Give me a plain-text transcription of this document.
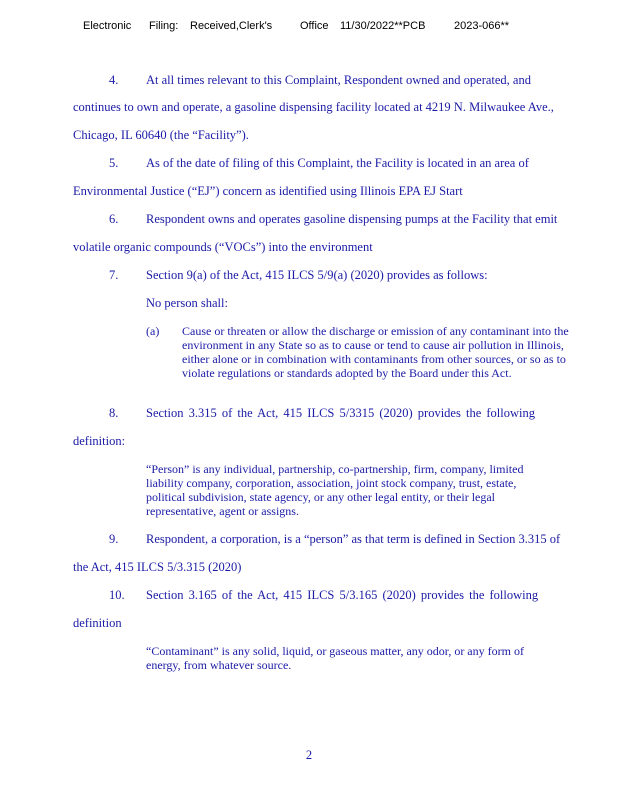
Electronic Filing: Received,Clerk's	Office 11/30/2022**PCB	2023-066**
4. At all times relevant to this Complaint, Respondent owned and operated, and
continues to own and operate, a gasoline dispensing facility located at 4219 N. Milwaukee Ave.,
Chicago, IL 60640 (the “Facility”).
5. As of the date of filing of this Complaint, the Facility is located in an area of
Environmental Justice (“EJ”) concern as identified using Illinois EPA EJ Start
6. Respondent owns and operates gasoline dispensing pumps at the Facility that emit
volatile organic compounds (“VOCs”) into the environment
7. Section 9(a) of the Act, 415 ILCS 5/9(a) (2020) provides as follows:
No person shall:
(a) Cause or threaten or allow the discharge or emission of any contaminant into the environment in any State so as to cause or tend to cause air pollution in Illinois, either alone or in combination with contaminants from other sources, or so as to violate regulations or standards adopted by the Board under this Act.
8. Section 3.315 of the Act, 415 ILCS 5/3315 (2020) provides the following
definition:
“Person” is any individual, partnership, co-partnership, firm, company, limited liability company, corporation, association, joint stock company, trust, estate, political subdivision, state agency, or any other legal entity, or their legal representative, agent or assigns.
9. Respondent, a corporation, is a “person” as that term is defined in Section 3.315 of
the Act, 415 ILCS 5/3.315 (2020)
10. Section 3.165 of the Act, 415 ILCS 5/3.165 (2020) provides the following
definition
“Contaminant” is any solid, liquid, or gaseous matter, any odor, or any form of energy, from whatever source.
2
